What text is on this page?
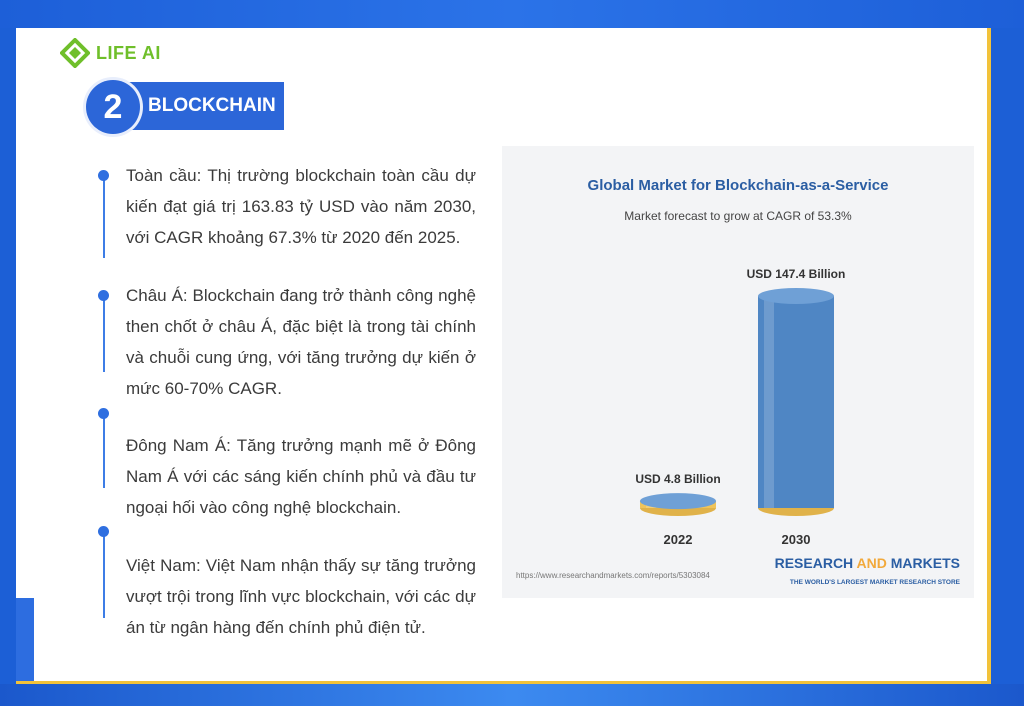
LIFE AI
BLOCKCHAIN
2
Toàn cầu: Thị trường blockchain toàn cầu dự kiến đạt giá trị 163.83 tỷ USD vào năm 2030, với CAGR khoảng 67.3% từ 2020 đến 2025.
Châu Á: Blockchain đang trở thành công nghệ then chốt ở châu Á, đặc biệt là trong tài chính và chuỗi cung ứng, với tăng trưởng dự kiến ở mức 60-70% CAGR.
Đông Nam Á: Tăng trưởng mạnh mẽ ở Đông Nam Á với các sáng kiến chính phủ và đầu tư ngoại hối vào công nghệ blockchain.
Việt Nam: Việt Nam nhận thấy sự tăng trưởng vượt trội trong lĩnh vực blockchain, với các dự án từ ngân hàng đến chính phủ điện tử.
Global Market for Blockchain-as-a-Service
Market forecast to grow at CAGR of 53.3%
USD 4.8 Billion
2022
USD 147.4 Billion
2030
https://www.researchandmarkets.com/reports/5303084
RESEARCH AND MARKETS
THE WORLD'S LARGEST MARKET RESEARCH STORE
